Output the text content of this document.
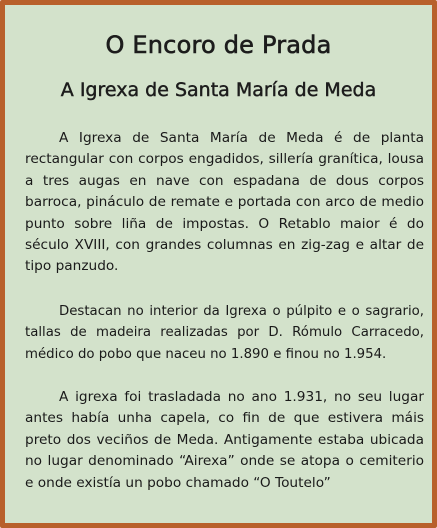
O Encoro de Prada
A Igrexa de Santa María de Meda

A Igrexa de Santa María de Meda é de planta rectangular con corpos engadidos, sillería granítica, lousa a tres augas en nave con espadana de dous corpos barroca, pináculo de remate e portada con arco de medio punto sobre liña de impostas. O Retablo maior é do século XVIII, con grandes columnas en zig-zag e altar de tipo panzudo.

Destacan no interior da Igrexa o púlpito e o sagrario, tallas de madeira realizadas por D. Rómulo Carracedo, médico do pobo que naceu no 1.890 e finou no 1.954.

A igrexa foi trasladada no ano 1.931, no seu lugar antes había unha capela, co fin de que estivera máis preto dos veciños de Meda. Antigamente estaba ubicada no lugar denominado “Airexa” onde se atopa o cemiterio e onde existía un pobo chamado “O Toutelo”
